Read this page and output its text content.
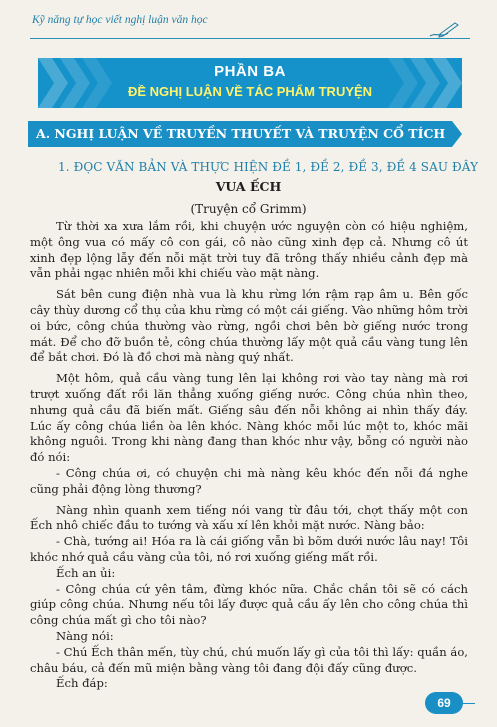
Kỹ năng tự học viết nghị luận văn học
PHẦN BA
ĐỀ NGHỊ LUẬN VỀ TÁC PHẨM TRUYỆN
A. NGHỊ LUẬN VỀ TRUYỀN THUYẾT VÀ TRUYỆN CỔ TÍCH
1. ĐỌC VĂN BẢN VÀ THỰC HIỆN ĐỀ 1, ĐỀ 2, ĐỀ 3, ĐỀ 4 SAU ĐÂY
VUA ẾCH
(Truyện cổ Grimm)

Từ thời xa xưa lắm rồi, khi chuyện ước nguyện còn có hiệu nghiệm, một ông vua có mấy cô con gái, cô nào cũng xinh đẹp cả. Nhưng cô út xinh đẹp lộng lẫy đến nỗi mặt trời tuy đã trông thấy nhiều cảnh đẹp mà vẫn phải ngạc nhiên mỗi khi chiếu vào mặt nàng.

Sát bên cung điện nhà vua là khu rừng lớn rậm rạp âm u. Bên gốc cây thùy dương cổ thụ của khu rừng có một cái giếng. Vào những hôm trời oi bức, công chúa thường vào rừng, ngồi chơi bên bờ giếng nước trong mát. Để cho đỡ buồn tẻ, công chúa thường lấy một quả cầu vàng tung lên để bắt chơi. Đó là đồ chơi mà nàng quý nhất.

Một hôm, quả cầu vàng tung lên lại không rơi vào tay nàng mà rơi trượt xuống đất rồi lăn thẳng xuống giếng nước. Công chúa nhìn theo, nhưng quả cầu đã biến mất. Giếng sâu đến nỗi không ai nhìn thấy đáy. Lúc ấy công chúa liền òa lên khóc. Nàng khóc mỗi lúc một to, khóc mãi không nguôi. Trong khi nàng đang than khóc như vậy, bỗng có người nào đó nói:

- Công chúa ơi, có chuyện chi mà nàng kêu khóc đến nỗi đá nghe cũng phải động lòng thương?

Nàng nhìn quanh xem tiếng nói vang từ đâu tới, chợt thấy một con Ếch nhô chiếc đầu to tướng và xấu xí lên khỏi mặt nước. Nàng bảo:

- Chà, tướng ai! Hóa ra là cái giống vẫn bì bõm dưới nước lâu nay! Tôi khóc nhớ quả cầu vàng của tôi, nó rơi xuống giếng mất rồi.

Ếch an ủi:

- Công chúa cứ yên tâm, đừng khóc nữa. Chắc chắn tôi sẽ có cách giúp công chúa. Nhưng nếu tôi lấy được quả cầu ấy lên cho công chúa thì công chúa mất gì cho tôi nào?

Nàng nói:

- Chú Ếch thân mến, tùy chú, chú muốn lấy gì của tôi thì lấy: quần áo, châu báu, cả đến mũ miện bằng vàng tôi đang đội đấy cũng được.

Ếch đáp:

69
